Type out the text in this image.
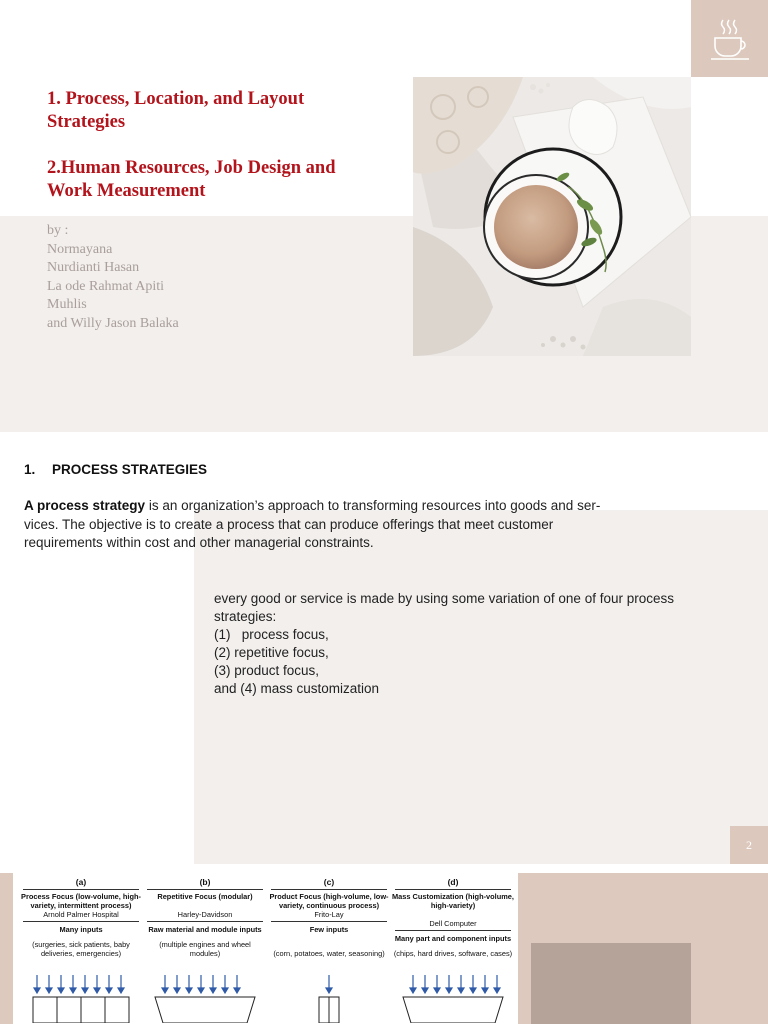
1. Process, Location, and Layout Strategies
2.Human Resources, Job Design and Work Measurement
by :
Normayana
Nurdianti Hasan
La ode Rahmat Apiti
Muhlis
and Willy Jason Balaka
1. PROCESS STRATEGIES

A process strategy is an organization’s approach to transforming resources into goods and ser-vices. The objective is to create a process that can produce offerings that meet customer requirements within cost and other managerial constraints.

every good or service is made by using some variation of one of four process strategies:
(1)   process focus,
(2) repetitive focus,
(3) product focus,
and (4) mass customization
2
(a)
Process Focus (low-volume, high-variety, intermittent process)
Arnold Palmer Hospital
Many inputs
(surgeries, sick patients, baby deliveries, emergencies)
(b)
Repetitive Focus (modular)
Harley-Davidson
Raw material and module inputs
(multiple engines and wheel modules)
(c)
Product Focus (high-volume, low-variety, continuous process)
Frito-Lay
Few inputs
(corn, potatoes, water, seasoning)
(d)
Mass Customization (high-volume, high-variety)
Dell Computer
Many part and component inputs
(chips, hard drives, software, cases)
